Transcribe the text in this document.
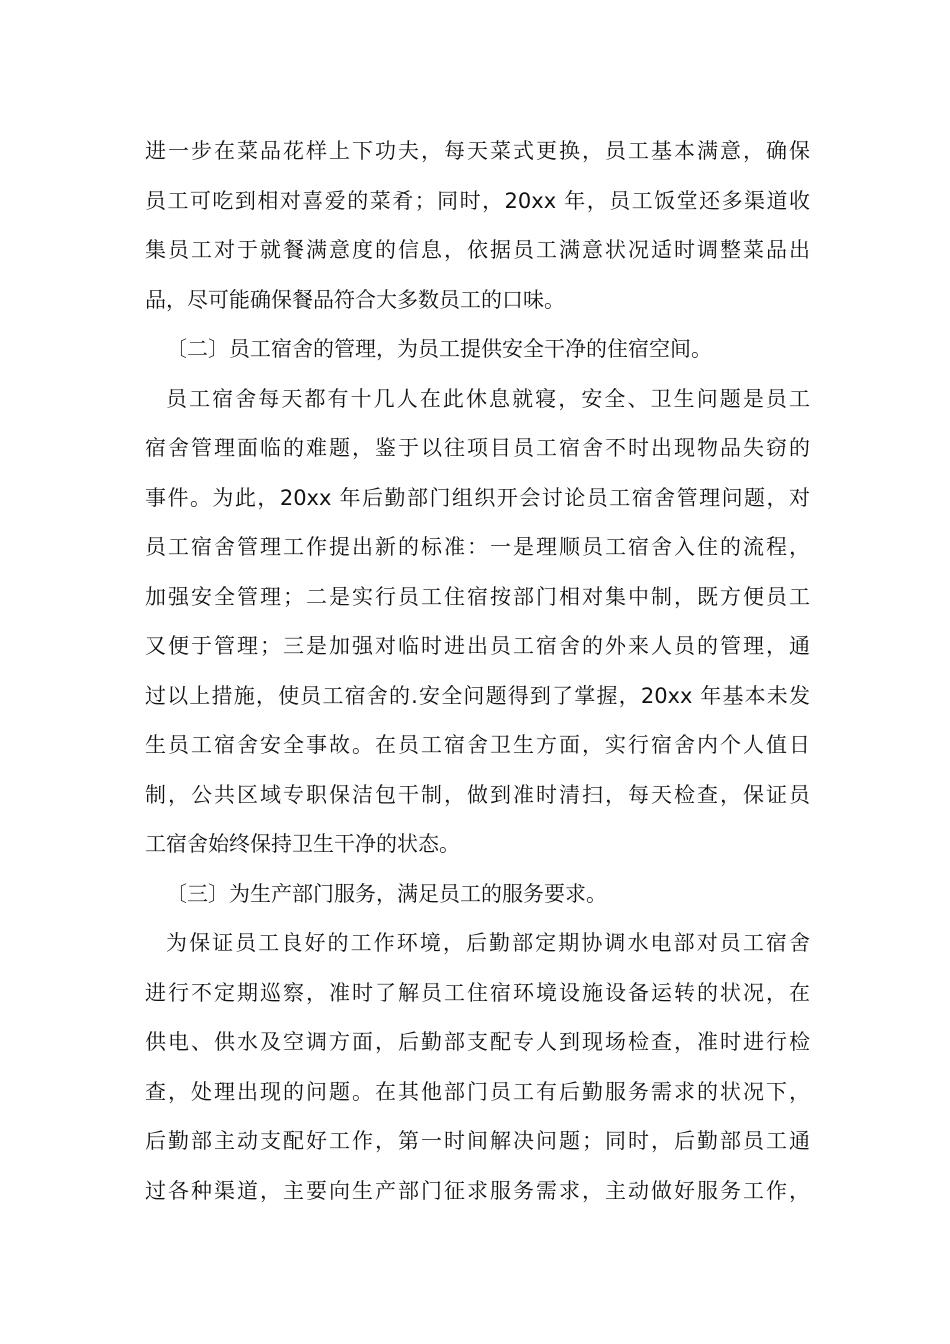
进一步在菜品花样上下功夫，每天菜式更换，员工基本满意，确保
员工可吃到相对喜爱的菜肴；同时，20xx 年，员工饭堂还多渠道收
集员工对于就餐满意度的信息，依据员工满意状况适时调整菜品出
品，尽可能确保餐品符合大多数员工的口味。
〔二〕员工宿舍的管理，为员工提供安全干净的住宿空间。
员工宿舍每天都有十几人在此休息就寝，安全、卫生问题是员工
宿舍管理面临的难题，鉴于以往项目员工宿舍不时出现物品失窃的
事件。为此，20xx 年后勤部门组织开会讨论员工宿舍管理问题，对
员工宿舍管理工作提出新的标准：一是理顺员工宿舍入住的流程，
加强安全管理；二是实行员工住宿按部门相对集中制，既方便员工
又便于管理；三是加强对临时进出员工宿舍的外来人员的管理，通
过以上措施，使员工宿舍的.安全问题得到了掌握，20xx 年基本未发
生员工宿舍安全事故。在员工宿舍卫生方面，实行宿舍内个人值日
制，公共区域专职保洁包干制，做到准时清扫，每天检查，保证员
工宿舍始终保持卫生干净的状态。
〔三〕为生产部门服务，满足员工的服务要求。
为保证员工良好的工作环境，后勤部定期协调水电部对员工宿舍
进行不定期巡察，准时了解员工住宿环境设施设备运转的状况，在
供电、供水及空调方面，后勤部支配专人到现场检查，准时进行检
查，处理出现的问题。在其他部门员工有后勤服务需求的状况下，
后勤部主动支配好工作，第一时间解决问题；同时，后勤部员工通
过各种渠道，主要向生产部门征求服务需求，主动做好服务工作，
